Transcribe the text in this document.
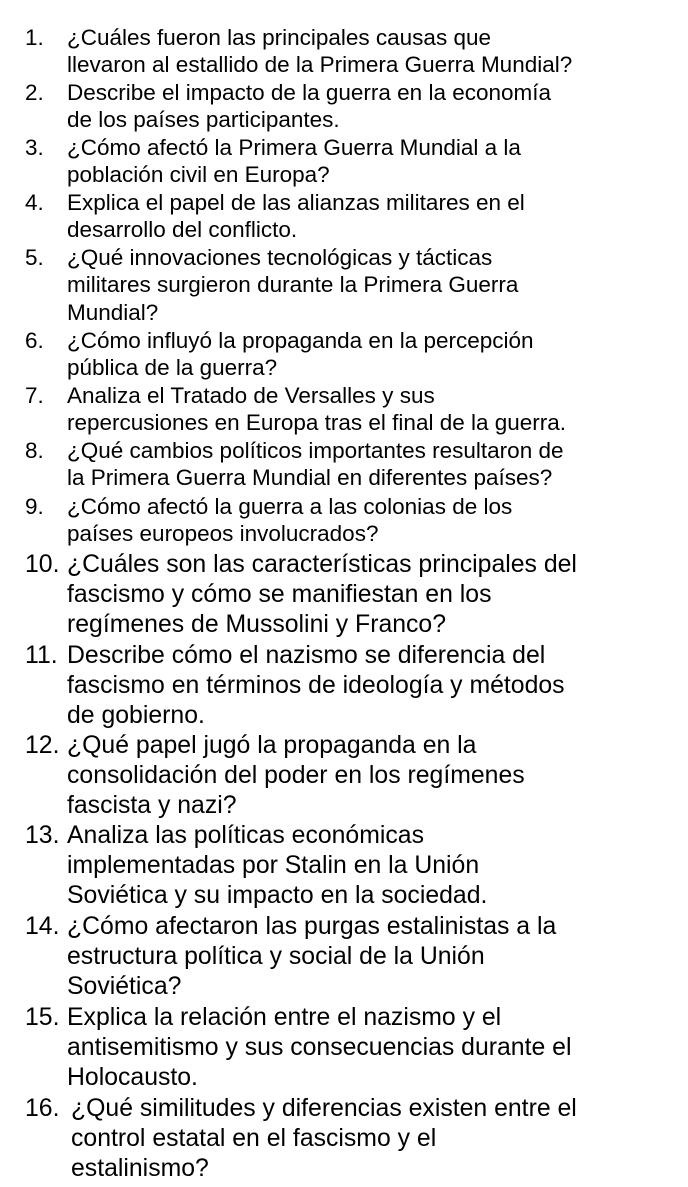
1.	¿Cuáles fueron las principales causas que
llevaron al estallido de la Primera Guerra Mundial?

2.	Describe el impacto de la guerra en la economía
de los países participantes.

3.	¿Cómo afectó la Primera Guerra Mundial a la
población civil en Europa?

4.	Explica el papel de las alianzas militares en el
desarrollo del conflicto.

5.	¿Qué innovaciones tecnológicas y tácticas
militares surgieron durante la Primera Guerra
Mundial?

6.	¿Cómo influyó la propaganda en la percepción
pública de la guerra?

7.	Analiza el Tratado de Versalles y sus
repercusiones en Europa tras el final de la guerra.

8.	¿Qué cambios políticos importantes resultaron de
la Primera Guerra Mundial en diferentes países?

9.	¿Cómo afectó la guerra a las colonias de los
países europeos involucrados?

10. ¿Cuáles son las características principales del
fascismo y cómo se manifiestan en los
regímenes de Mussolini y Franco?

11. Describe cómo el nazismo se diferencia del
fascismo en términos de ideología y métodos
de gobierno.

12. ¿Qué papel jugó la propaganda en la
consolidación del poder en los regímenes
fascista y nazi?

13. Analiza las políticas económicas
implementadas por Stalin en la Unión
Soviética y su impacto en la sociedad.

14. ¿Cómo afectaron las purgas estalinistas a la
estructura política y social de la Unión
Soviética?

15. Explica la relación entre el nazismo y el
antisemitismo y sus consecuencias durante el
Holocausto.

16. ¿Qué similitudes y diferencias existen entre el
control estatal en el fascismo y el
estalinismo?
